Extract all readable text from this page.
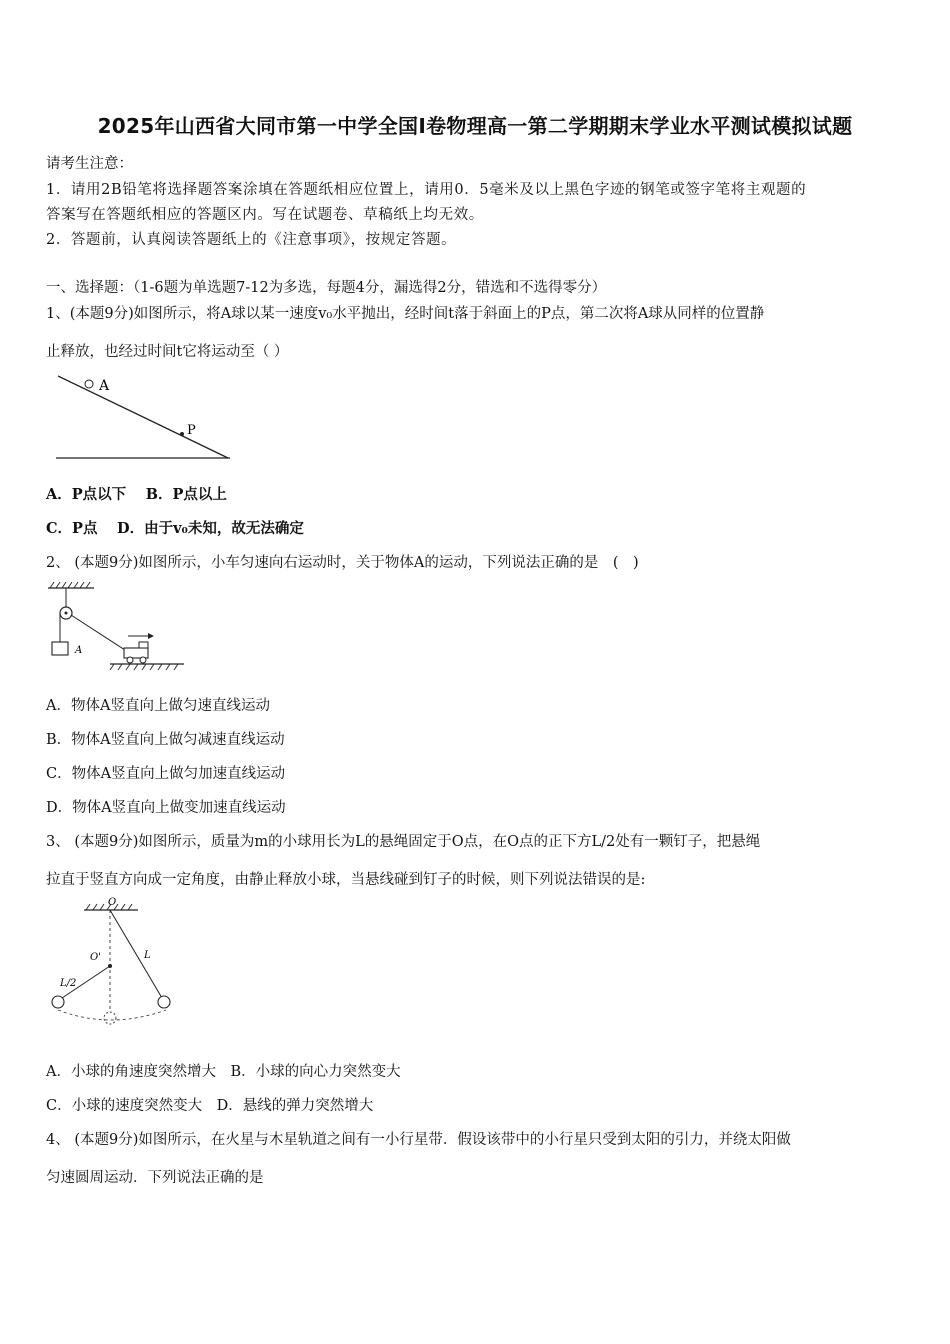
2025年山西省大同市第一中学全国Ⅰ卷物理高一第二学期期末学业水平测试模拟试题
请考生注意：
1．请用2B铅笔将选择题答案涂填在答题纸相应位置上，请用0．5毫米及以上黑色字迹的钢笔或签字笔将主观题的
答案写在答题纸相应的答题区内。写在试题卷、草稿纸上均无效。
2．答题前，认真阅读答题纸上的《注意事项》，按规定答题。
一、选择题：（1-6题为单选题7-12为多选，每题4分，漏选得2分，错选和不选得零分）
1、(本题9分)如图所示，将A球以某一速度v₀水平抛出，经时间t落于斜面上的P点，第二次将A球从同样的位置静
止释放，也经过时间t它将运动至（ ）
A
P
A．P点以下　 B．P点以上
C．P点　 D．由于v₀未知，故无法确定
2、 (本题9分)如图所示，小车匀速向右运动时，关于物体A的运动，下列说法正确的是　(　)
A
A．物体A竖直向上做匀速直线运动
B．物体A竖直向上做匀减速直线运动
C．物体A竖直向上做匀加速直线运动
D．物体A竖直向上做变加速直线运动
3、 (本题9分)如图所示，质量为m的小球用长为L的悬绳固定于O点，在O点的正下方L/2处有一颗钉子，把悬绳
拉直于竖直方向成一定角度，由静止释放小球，当悬线碰到钉子的时候，则下列说法错误的是:
O
O'	L
L/2
A．小球的角速度突然增大　B．小球的向心力突然变大
C．小球的速度突然变大　D．悬线的弹力突然增大
4、 (本题9分)如图所示，在火星与木星轨道之间有一小行星带．假设该带中的小行星只受到太阳的引力，并绕太阳做
匀速圆周运动．下列说法正确的是
